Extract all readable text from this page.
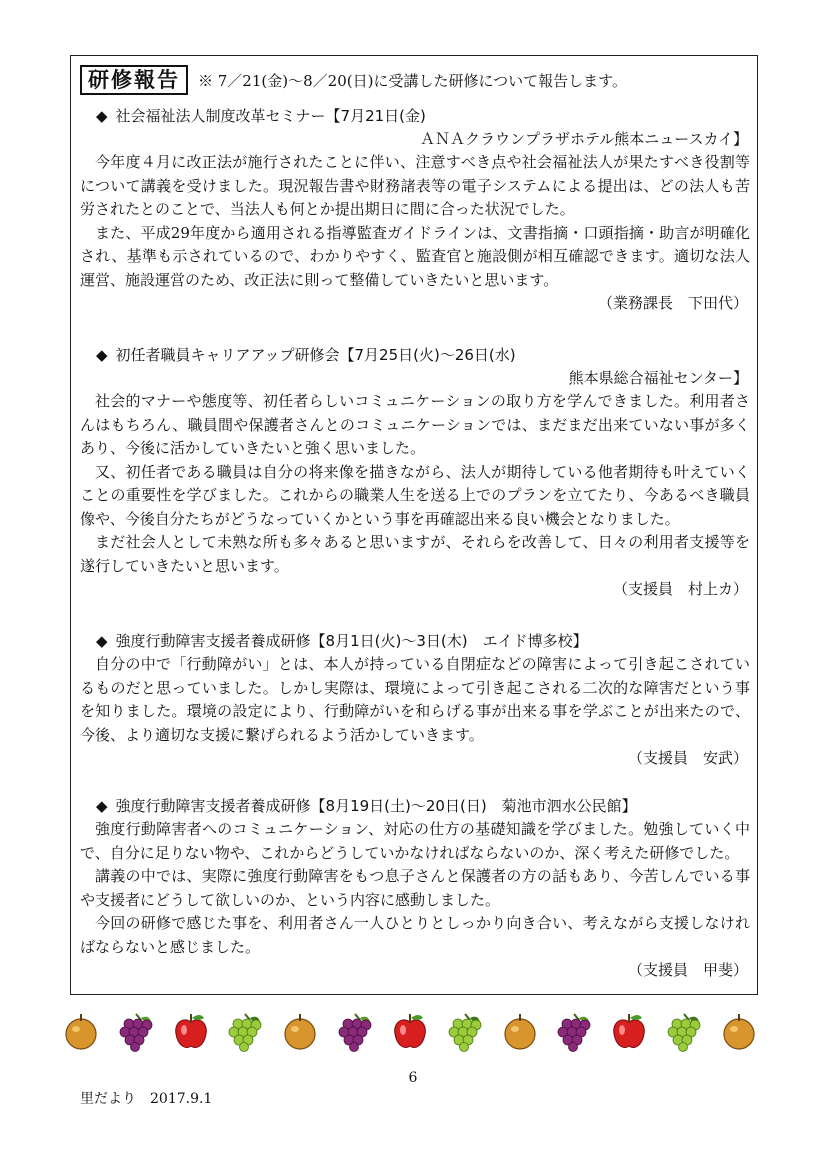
研修報告	※ 7／21(金)～8／20(日)に受講した研修について報告します。
◆ 社会福祉法人制度改革セミナー【7月21日(金)
ＡＮＡクラウンプラザホテル熊本ニュースカイ】

今年度４月に改正法が施行されたことに伴い、注意すべき点や社会福祉法人が果たすべき役割等について講義を受けました。現況報告書や財務諸表等の電子システムによる提出は、どの法人も苦労されたとのことで、当法人も何とか提出期日に間に合った状況でした。

また、平成29年度から適用される指導監査ガイドラインは、文書指摘・口頭指摘・助言が明確化され、基準も示されているので、わかりやすく、監査官と施設側が相互確認できます。適切な法人運営、施設運営のため、改正法に則って整備していきたいと思います。

（業務課長　下田代）
◆ 初任者職員キャリアアップ研修会【7月25日(火)～26日(水)
熊本県総合福祉センター】

社会的マナーや態度等、初任者らしいコミュニケーションの取り方を学んできました。利用者さんはもちろん、職員間や保護者さんとのコミュニケーションでは、まだまだ出来ていない事が多くあり、今後に活かしていきたいと強く思いました。

又、初任者である職員は自分の将来像を描きながら、法人が期待している他者期待も叶えていくことの重要性を学びました。これからの職業人生を送る上でのプランを立てたり、今あるべき職員像や、今後自分たちがどうなっていくかという事を再確認出来る良い機会となりました。

まだ社会人として未熟な所も多々あると思いますが、それらを改善して、日々の利用者支援等を遂行していきたいと思います。

（支援員　村上カ）
◆ 強度行動障害支援者養成研修【8月1日(火)～3日(木)　エイド博多校】

自分の中で「行動障がい」とは、本人が持っている自閉症などの障害によって引き起こされているものだと思っていました。しかし実際は、環境によって引き起こされる二次的な障害だという事を知りました。環境の設定により、行動障がいを和らげる事が出来る事を学ぶことが出来たので、今後、より適切な支援に繋げられるよう活かしていきます。

（支援員　安武）
◆ 強度行動障害支援者養成研修【8月19日(土)～20日(日)　菊池市泗水公民館】

強度行動障害者へのコミュニケーション、対応の仕方の基礎知識を学びました。勉強していく中で、自分に足りない物や、これからどうしていかなければならないのか、深く考えた研修でした。

講義の中では、実際に強度行動障害をもつ息子さんと保護者の方の話もあり、今苦しんでいる事や支援者にどうして欲しいのか、という内容に感動しました。

今回の研修で感じた事を、利用者さん一人ひとりとしっかり向き合い、考えながら支援しなければならないと感じました。

（支援員　甲斐）
6
里だより　2017.9.1
